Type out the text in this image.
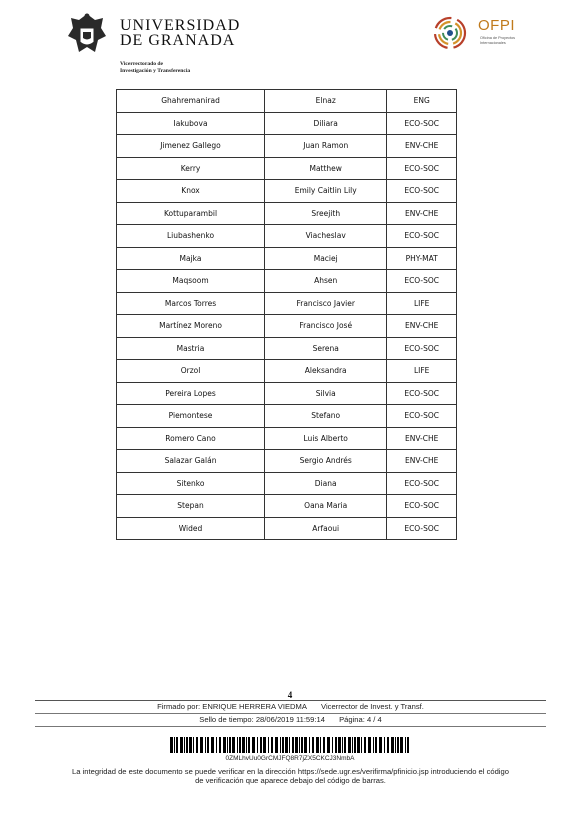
UNIVERSIDAD
DE GRANADA
Vicerrectorado de
Investigación y Transferencia
OFPI
Oficina de Proyectos
Internacionales
Ghahremanirad	Elnaz	ENG
Iakubova	Diliara	ECO-SOC
Jimenez Gallego	Juan Ramon	ENV-CHE
Kerry	Matthew	ECO-SOC
Knox	Emily Caitlin Lily	ECO-SOC
Kottuparambil	Sreejith	ENV-CHE
Liubashenko	Viacheslav	ECO-SOC
Majka	Maciej	PHY-MAT
Maqsoom	Ahsen	ECO-SOC
Marcos Torres	Francisco Javier	LIFE
Martínez Moreno	Francisco José	ENV-CHE
Mastria	Serena	ECO-SOC
Orzol	Aleksandra	LIFE
Pereira Lopes	Silvia	ECO-SOC
Piemontese	Stefano	ECO-SOC
Romero Cano	Luis Alberto	ENV-CHE
Salazar Galán	Sergio Andrés	ENV-CHE
Sitenko	Diana	ECO-SOC
Stepan	Oana Maria	ECO-SOC
Wided	Arfaoui	ECO-SOC
4
Firmado por: ENRIQUE HERRERA VIEDMA Vicerrector de Invest. y Transf.
Sello de tiempo: 28/06/2019 11:59:14 Página: 4 / 4
0ZMLhvUu0GrCMJFQ8R7jZX5CKCJ3NmbA
La integridad de este documento se puede verificar en la dirección https://sede.ugr.es/verifirma/pfinicio.jsp introduciendo el código
de verificación que aparece debajo del código de barras.
